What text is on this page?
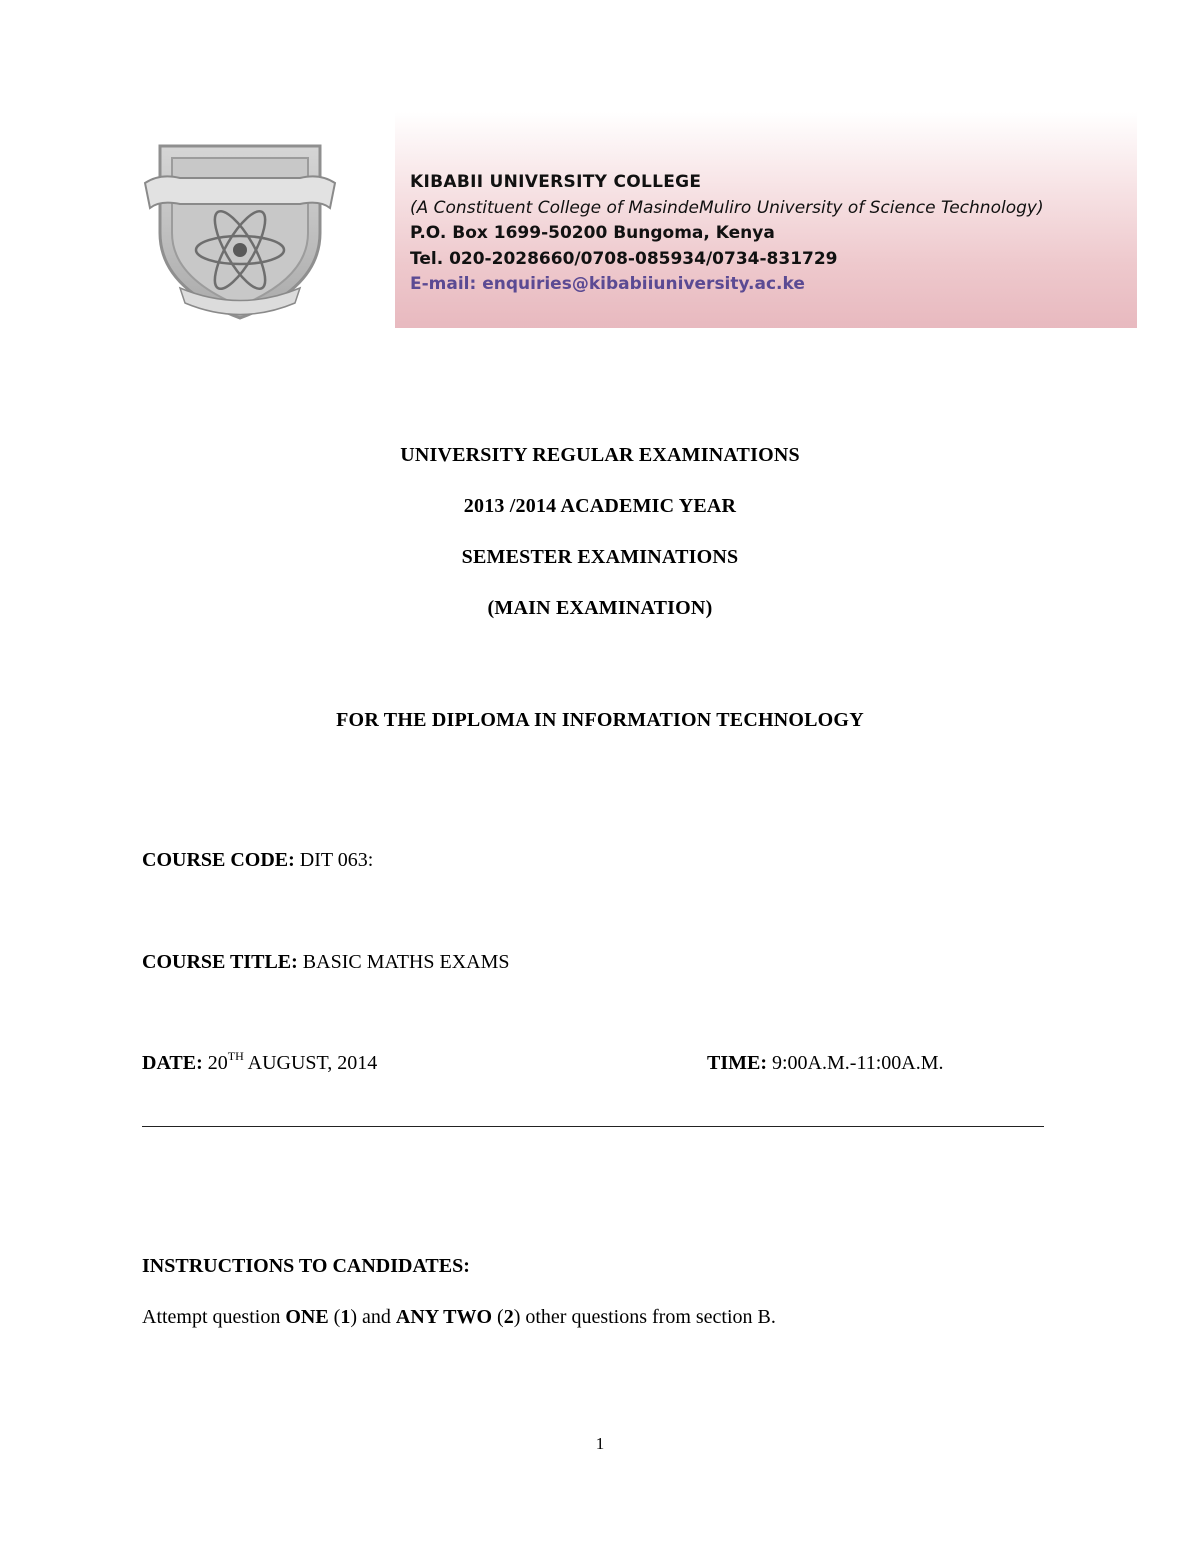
KIBABII UNIVERSITY COLLEGE
(A Constituent College of MasindeMuliro University of Science Technology)
P.O. Box 1699-50200 Bungoma, Kenya
Tel. 020-2028660/0708-085934/0734-831729
E-mail: enquiries@kibabiiuniversity.ac.ke
UNIVERSITY REGULAR EXAMINATIONS
2013 /2014 ACADEMIC YEAR
SEMESTER EXAMINATIONS
(MAIN EXAMINATION)
FOR THE DIPLOMA IN INFORMATION TECHNOLOGY
COURSE CODE: DIT 063:
COURSE TITLE: BASIC MATHS EXAMS
DATE: 20TH AUGUST, 2014	TIME: 9:00A.M.-11:00A.M.
INSTRUCTIONS TO CANDIDATES:
Attempt question ONE (1) and ANY TWO (2) other questions from section B.
1
